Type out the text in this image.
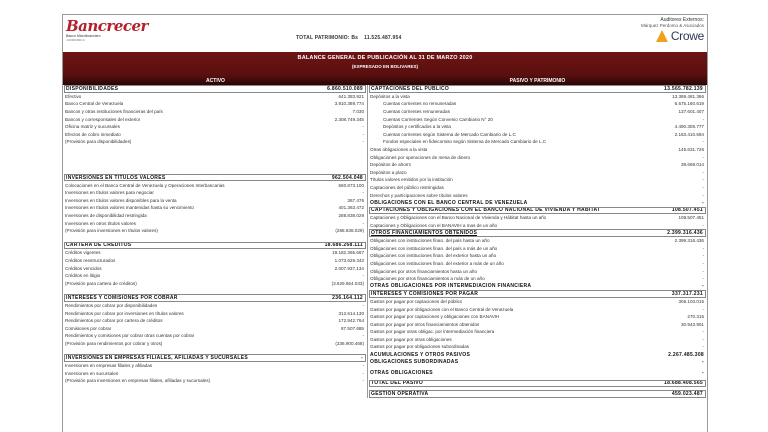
Bancrecer
Banco Microfinanciero
J-00000000-0	TOTAL PATRIMONIO: Bs 11.525.487.954
Auditores Externos:
Márquez Perdomo & Asociados
Crowe
BALANCE GENERAL DE PUBLICACIÓN AL 31 DE MARZO 2020
(EXPRESADO EN BOLIVARES)
ACTIVO	PASIVO Y PATRIMONIO
DISPONIBILIDADES	6.860.510.089
Efectivo	641.383.921
Banco Central de Venezuela	3.910.369.774
Bancos y otras instituciones financieras del país	7.030
Bancos y corresponsales del exterior	2.308.749.345
Oficina matriz y sucursales	-
Efectos de cobro inmediato	-
(Provisión para disponibilidades)	-
INVERSIONES EN TITULOS VALORES	962.504.048
Colocaciones en el Banco Central de Venezuela y Operaciones Interbancarias	560.873.100
Inversiones en títulos valores para negociar	-
Inversiones en títulos valores disponibles para la venta	367.476
Inversiones en títulos valores mantenidas hasta su vencimiento	401.363.472
Inversiones de disponibilidad restringida	288.838.029
Inversiones en otros títulos valores	-
(Provisión para inversiones en títulos valores)	(288.838.029)
CARTERA DE CRÉDITOS	18.686.268.111
Créditos vigentes	19.182.365.667
Créditos reestructurados	1.073.629.343
Créditos vencidos	2.007.937.134
Créditos en litigio	-
(Provisión para cartera de créditos)	(3.629.664.033)
INTERESES Y COMISIONES POR COBRAR	236.164.112
Rendimientos por cobrar por disponibilidades	-
Rendimientos por cobrar por inversiones en títulos valores	312.614.130
Rendimientos por cobrar por cartera de créditos	172.942.764
Comisiones por cobrar	87.507.685
Rendimientos y comisiones por cobrar otras cuentas por cobrar	-
(Provisión para rendimientos por cobrar y otros)	(336.900.468)
INVERSIONES EN EMPRESAS FILIALES, AFILIADAS Y SUCURSALES	-
Inversiones en empresas filiales y afiliadas	-
Inversiones en sucursales	-
(Provisión para inversiones en empresas filiales, afiliadas y sucursales)	-
CAPTACIONES DEL PÚBLICO	13.565.782.139
Depósitos a la vista	13.369.481.366
Cuentas corrientes no remuneradas	6.575.160.619
Cuentas corrientes remuneradas	137.601.407
Cuentas Corrientes Según Convenio Cambiario N° 20	-
Depósitos y certificados a la vista	4.490.308.777
Cuentas corrientes según Sistema de Mercado Cambiario de L.C	2.163.410.594
Fondos especiales en fideicomiso según Sistema de Mercado Cambiario de L.C	-
Otras obligaciones a la vista	145.631.726
Obligaciones por operaciones de mesa de dinero	-
Depósitos de ahorro	39.669.014
Depósitos a plazo	-
Títulos valores emitidos por la institución	-
Captaciones del público restringidas	-
Derechos y participaciones sobre títulos valores	-
OBLIGACIONES CON EL BANCO CENTRAL DE VENEZUELA	-
CAPTACIONES Y OBLIGACIONES CON EL BANCO NACIONAL DE VIVIENDA Y HÁBITAT	108.507.451
Captaciones y Obligaciones con el Banco Nacional de Vivienda y Hábitat hasta un año	108.507.451
Captaciones y Obligaciones con el BANAVIH a mas de un año	-
OTROS FINANCIAMIENTOS OBTENIDOS	2.399.316.436
Obligaciones con instituciones finan. del país hasta un año	2.399.316.436
Obligaciones con instituciones finan. del país a más de un año	-
Obligaciones con instituciones finan. del exterior hasta un año	-
Obligaciones con instituciones finan. del exterior a más de un año	-
Obligaciones por otros financiamientos hasta un año	-
Obligaciones por otros financiamientos a más de un año	-
OTRAS OBLIGACIONES POR INTERMEDIACION FINANCIERA	-
INTERESES Y COMISIONES POR PAGAR	337.317.231
Gastos por pagar por captaciones del público	306.103.015
Gastos por pagar por obligaciones con el Banco Central de Venezuela	-
Gastos por pagar por captaciones y obligaciones con BANAVIH	270.315
Gastos por pagar por otros financiamientos obtenidos	30.943.901
Gastos por pagar otras obligac. por intermediación financiera	-
Gastos por pagar por otras obligaciones	-
Gastos por pagar por obligaciones subordinadas	-
ACUMULACIONES Y OTROS PASIVOS	2.267.485.308
OBLIGACIONES SUBORDINADAS	-
OTRAS OBLIGACIONES	-
TOTAL DEL PASIVO	18.688.408.565
GESTION OPERATIVA	459.023.487
